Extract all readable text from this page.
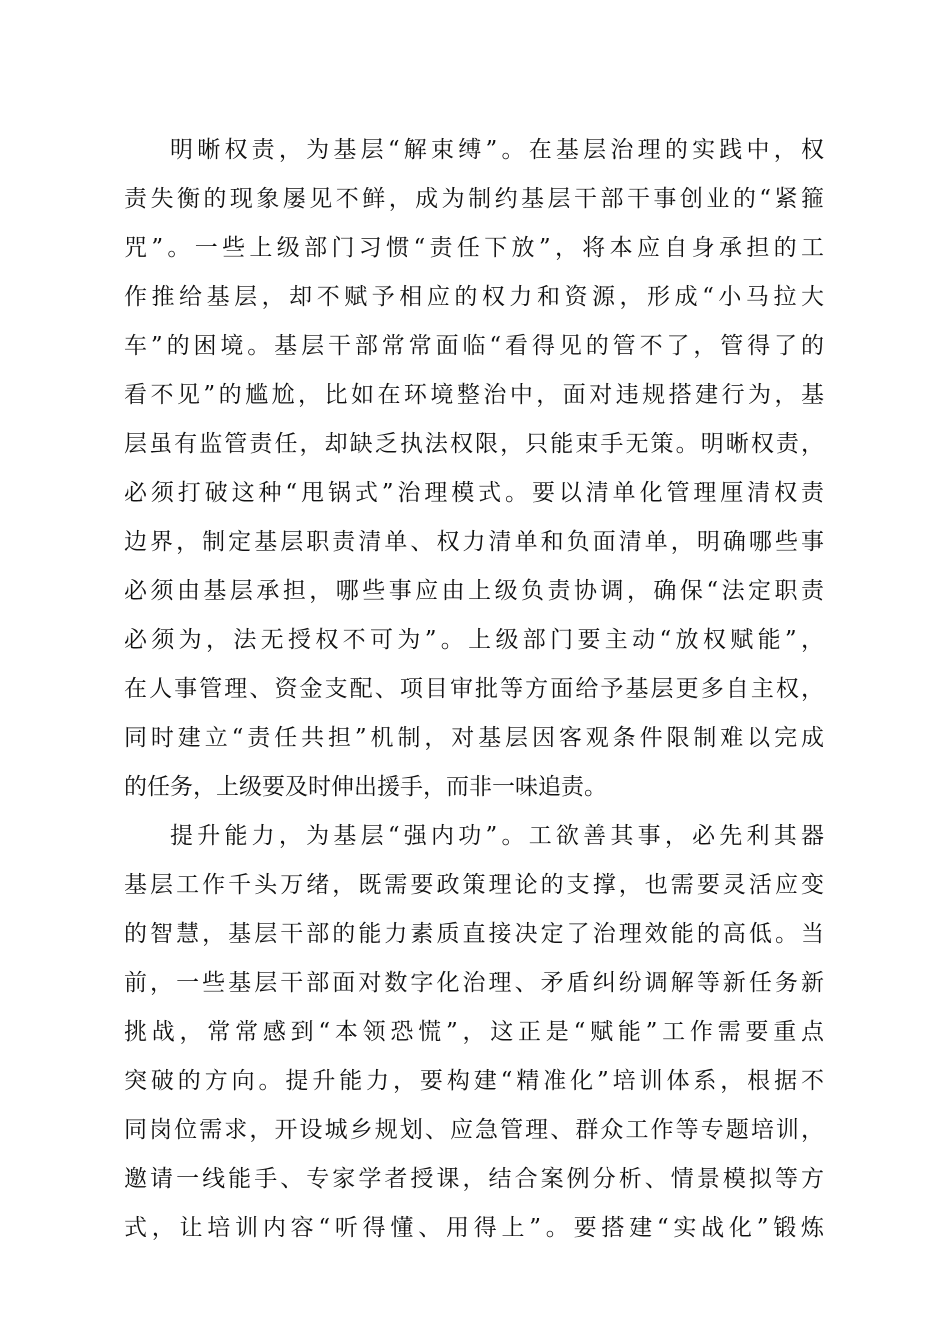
明晰权责，为基层“解束缚”。在基层治理的实践中，权
责失衡的现象屡见不鲜，成为制约基层干部干事创业的“紧箍
咒”。一些上级部门习惯“责任下放”，将本应自身承担的工
作推给基层，却不赋予相应的权力和资源，形成“小马拉大
车”的困境。基层干部常常面临“看得见的管不了，管得了的
看不见”的尴尬，比如在环境整治中，面对违规搭建行为，基
层虽有监管责任，却缺乏执法权限，只能束手无策。明晰权责，
必须打破这种“甩锅式”治理模式。要以清单化管理厘清权责
边界，制定基层职责清单、权力清单和负面清单，明确哪些事
必须由基层承担，哪些事应由上级负责协调，确保“法定职责
必须为，法无授权不可为”。上级部门要主动“放权赋能”，
在人事管理、资金支配、项目审批等方面给予基层更多自主权，
同时建立“责任共担”机制，对基层因客观条件限制难以完成
的任务，上级要及时伸出援手，而非一味追责。
提升能力，为基层“强内功”。工欲善其事，必先利其器
基层工作千头万绪，既需要政策理论的支撑，也需要灵活应变
的智慧，基层干部的能力素质直接决定了治理效能的高低。当
前，一些基层干部面对数字化治理、矛盾纠纷调解等新任务新
挑战，常常感到“本领恐慌”，这正是“赋能”工作需要重点
突破的方向。提升能力，要构建“精准化”培训体系，根据不
同岗位需求，开设城乡规划、应急管理、群众工作等专题培训，
邀请一线能手、专家学者授课，结合案例分析、情景模拟等方
式，让培训内容“听得懂、用得上”。要搭建“实战化”锻炼
